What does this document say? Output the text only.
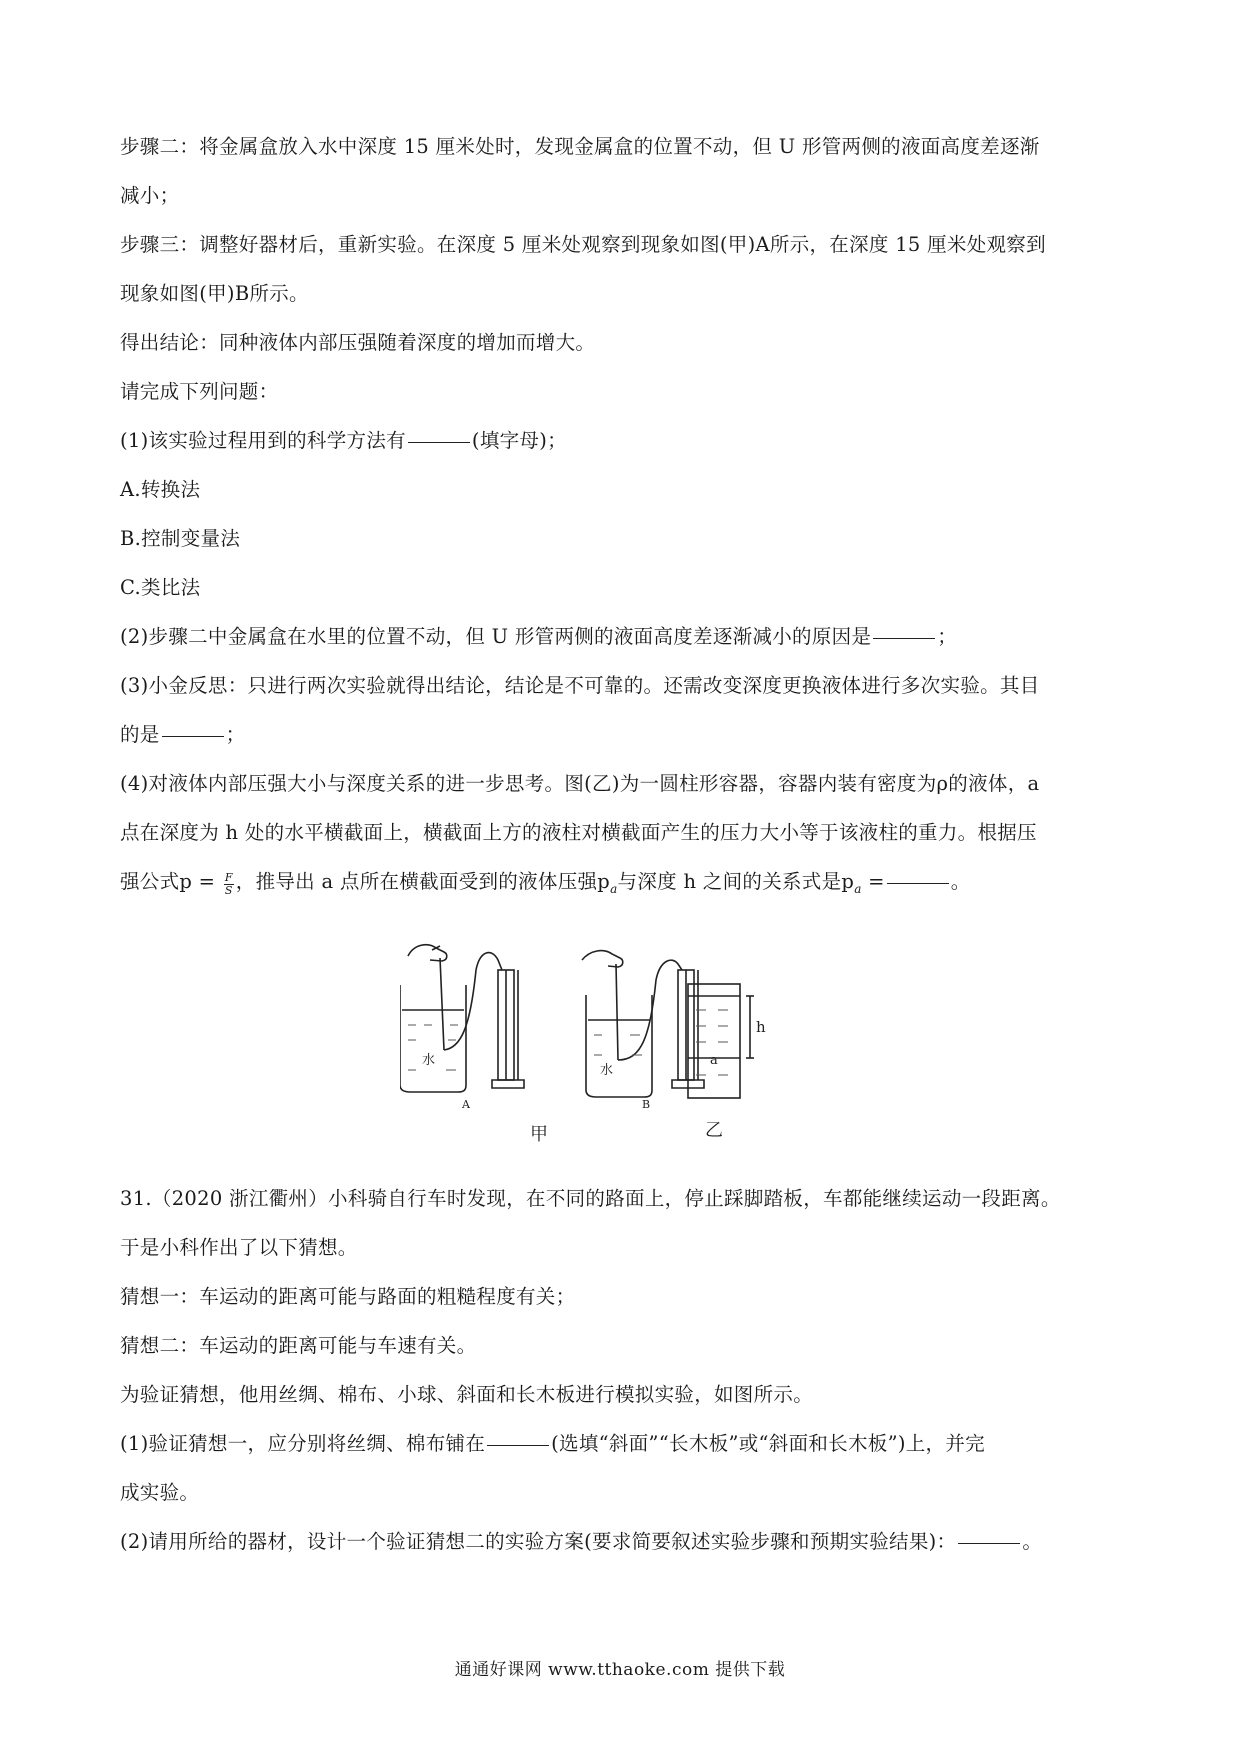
步骤二：将金属盒放入水中深度 15 厘米处时，发现金属盒的位置不动，但 U 形管两侧的液面高度差逐渐
减小；
步骤三：调整好器材后，重新实验。在深度 5 厘米处观察到现象如图(甲)A所示，在深度 15 厘米处观察到
现象如图(甲)B所示。
得出结论：同种液体内部压强随着深度的增加而增大。
请完成下列问题：
(1)该实验过程用到的科学方法有	(填字母)；
A.转换法
B.控制变量法
C.类比法
(2)步骤二中金属盒在水里的位置不动，但 U 形管两侧的液面高度差逐渐减小的原因是	；
(3)小金反思：只进行两次实验就得出结论，结论是不可靠的。还需改变深度更换液体进行多次实验。其目
的是	；
(4)对液体内部压强大小与深度关系的进一步思考。图(乙)为一圆柱形容器，容器内装有密度为ρ的液体，a
点在深度为 h 处的水平横截面上，横截面上方的液柱对横截面产生的压力大小等于该液柱的重力。根据压
强公式$p = \frac{F}{S}$ ，推导出 a 点所在横截面受到的液体压强$p_a$与深度 h 之间的关系式是$p_a$ =	。
31.（2020 浙江衢州）小科骑自行车时发现，在不同的路面上，停止踩脚踏板，车都能继续运动一段距离。
于是小科作出了以下猜想。
猜想一：车运动的距离可能与路面的粗糙程度有关；
猜想二：车运动的距离可能与车速有关。
为验证猜想，他用丝绸、棉布、小球、斜面和长木板进行模拟实验，如图所示。
(1)验证猜想一，应分别将丝绸、棉布铺在	(选填“斜面”“长木板”或“斜面和长木板”)上，并完
成实验。
(2)请用所给的器材，设计一个验证猜想二的实验方案(要求简要叙述实验步骤和预期实验结果)：	。
水
水
A	B
h
a
甲	乙
通通好课网 www.tthaoke.com 提供下载
